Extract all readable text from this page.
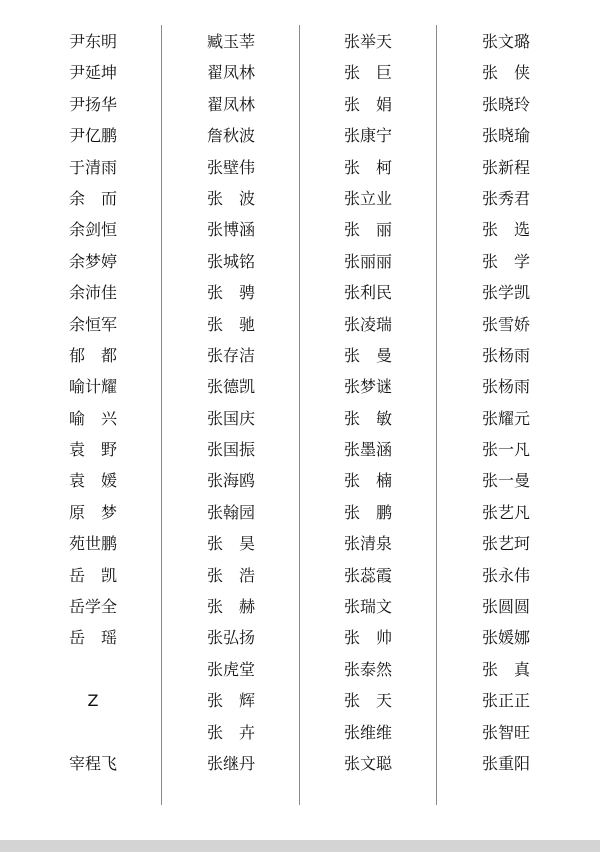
尹东明
尹延坤
尹扬华
尹亿鹏
于清雨
余　而
余剑恒
余梦婷
余沛佳
余恒军
郁　都
喻计耀
喻　兴
袁　野
袁　媛
原　梦
苑世鹏
岳　凯
岳学全
岳　瑶
Z
宰程飞
臧玉莘
翟凤林
翟凤林
詹秋波
张壁伟
张　波
张博涵
张城铭
张　骋
张　驰
张存洁
张德凯
张国庆
张国振
张海鸥
张翰园
张　昊
张　浩
张　赫
张弘扬
张虎堂
张　辉
张　卉
张继丹
张举天
张　巨
张　娟
张康宁
张　柯
张立业
张　丽
张丽丽
张利民
张凌瑞
张　曼
张梦谜
张　敏
张墨涵
张　楠
张　鹏
张清泉
张蕊霞
张瑞文
张　帅
张泰然
张　天
张维维
张文聪
张文璐
张　侠
张晓玲
张晓瑜
张新程
张秀君
张　选
张　学
张学凯
张雪娇
张杨雨
张杨雨
张耀元
张一凡
张一曼
张艺凡
张艺珂
张永伟
张圆圆
张媛娜
张　真
张正正
张智旺
张重阳
